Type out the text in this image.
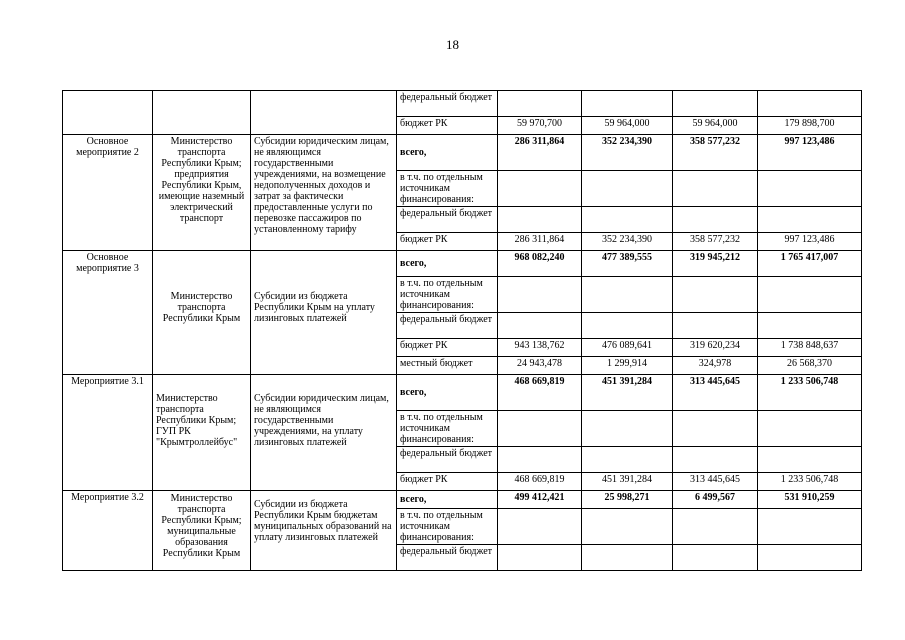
18
			федеральный бюджет				
			бюджет РК	59 970,700	59 964,000	59 964,000	179 898,700
Основное мероприятие 2	Министерство транспорта Республики Крым; предприятия Республики Крым, имеющие наземный электрический транспорт	Субсидии юридическим лицам, не являющимся государственными учреждениями, на возмещение недополученных доходов и затрат за фактически предоставленные услуги по перевозке пассажиров по установленному тарифу	всего,	286 311,864	352 234,390	358 577,232	997 123,486
			в т.ч. по отдельным источникам финансирования:				
			федеральный бюджет				
			бюджет РК	286 311,864	352 234,390	358 577,232	997 123,486
Основное мероприятие 3	Министерство транспорта Республики Крым	Субсидии из бюджета Республики Крым на уплату лизинговых платежей	всего,	968 082,240	477 389,555	319 945,212	1 765 417,007
			в т.ч. по отдельным источникам финансирования:				
			федеральный бюджет				
			бюджет РК	943 138,762	476 089,641	319 620,234	1 738 848,637
			местный бюджет	24 943,478	1 299,914	324,978	26 568,370
Мероприятие 3.1	Министерство транспорта Республики Крым; ГУП РК "Крымтроллейбус"	Субсидии юридическим лицам, не являющимся государственными учреждениями, на уплату лизинговых платежей	всего,	468 669,819	451 391,284	313 445,645	1 233 506,748
			в т.ч. по отдельным источникам финансирования:				
			федеральный бюджет				
			бюджет РК	468 669,819	451 391,284	313 445,645	1 233 506,748
Мероприятие 3.2	Министерство транспорта Республики Крым; муниципальные образования Республики Крым	Субсидии из бюджета Республики Крым бюджетам муниципальных образований на уплату лизинговых платежей	всего,	499 412,421	25 998,271	6 499,567	531 910,259
			в т.ч. по отдельным источникам финансирования:				
			федеральный бюджет				
